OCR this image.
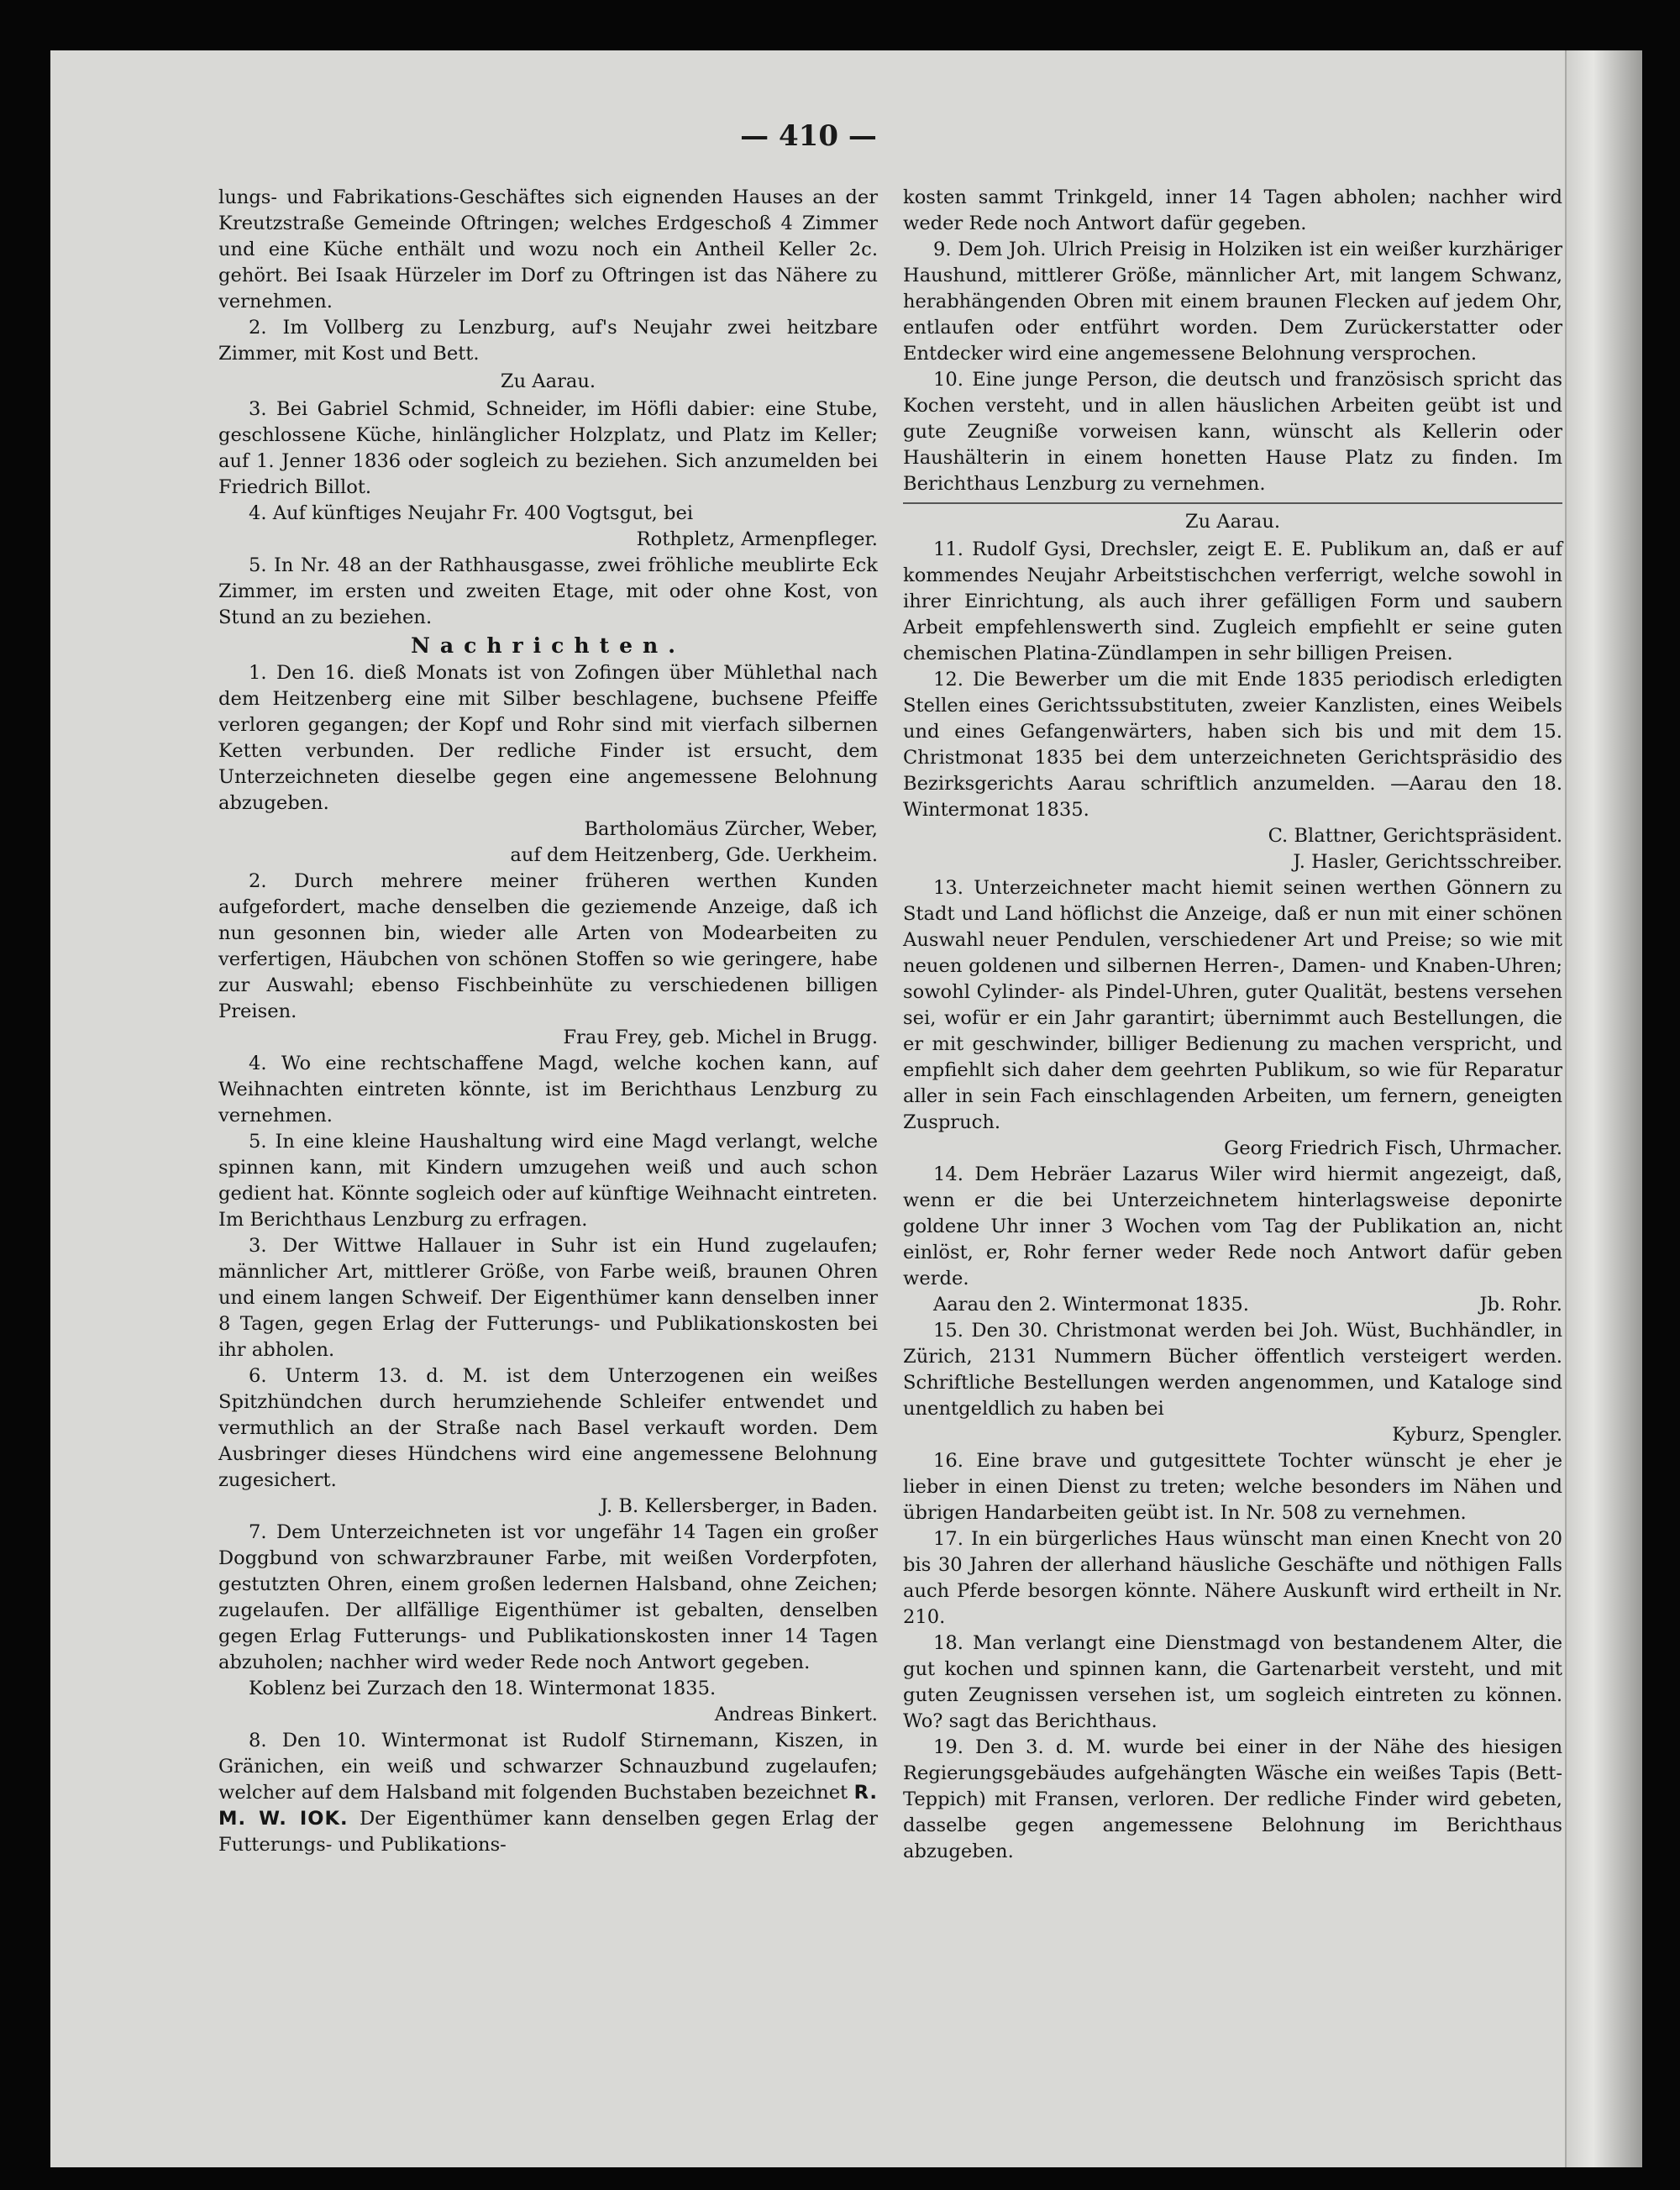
— 410 —

lungs- und Fabrikations-Geschäftes sich eignenden Hauses an der Kreutzstraße Gemeinde Oftringen; welches Erdgeschoß 4 Zimmer und eine Küche enthält und wozu noch ein Antheil Keller 2c. gehört. Bei Isaak Hürzeler im Dorf zu Oftringen ist das Nähere zu vernehmen.

2. Im Vollberg zu Lenzburg, auf's Neujahr zwei heitzbare Zimmer, mit Kost und Bett.

Zu Aarau.

3. Bei Gabriel Schmid, Schneider, im Höfli dabier: eine Stube, geschlossene Küche, hinlänglicher Holzplatz, und Platz im Keller; auf 1. Jenner 1836 oder sogleich zu beziehen. Sich anzumelden bei Friedrich Billot.

4. Auf künftiges Neujahr Fr. 400 Vogtsgut, bei

Rothpletz, Armenpfleger.

5. In Nr. 48 an der Rathhausgasse, zwei fröhliche meublirte Eck Zimmer, im ersten und zweiten Etage, mit oder ohne Kost, von Stund an zu beziehen.

Nachrichten.

1. Den 16. dieß Monats ist von Zofingen über Mühlethal nach dem Heitzenberg eine mit Silber beschlagene, buchsene Pfeiffe verloren gegangen; der Kopf und Rohr sind mit vierfach silbernen Ketten verbunden. Der redliche Finder ist ersucht, dem Unterzeichneten dieselbe gegen eine angemessene Belohnung abzugeben.

Bartholomäus Zürcher, Weber,
auf dem Heitzenberg, Gde. Uerkheim.

2. Durch mehrere meiner früheren werthen Kunden aufgefordert, mache denselben die geziemende Anzeige, daß ich nun gesonnen bin, wieder alle Arten von Modearbeiten zu verfertigen, Häubchen von schönen Stoffen so wie geringere, habe zur Auswahl; ebenso Fischbeinhüte zu verschiedenen billigen Preisen.

Frau Frey, geb. Michel in Brugg.

4. Wo eine rechtschaffene Magd, welche kochen kann, auf Weihnachten eintreten könnte, ist im Berichthaus Lenzburg zu vernehmen.

5. In eine kleine Haushaltung wird eine Magd verlangt, welche spinnen kann, mit Kindern umzugehen weiß und auch schon gedient hat. Könnte sogleich oder auf künftige Weihnacht eintreten. Im Berichthaus Lenzburg zu erfragen.

3. Der Wittwe Hallauer in Suhr ist ein Hund zugelaufen; männlicher Art, mittlerer Größe, von Farbe weiß, braunen Ohren und einem langen Schweif. Der Eigenthümer kann denselben inner 8 Tagen, gegen Erlag der Futterungs- und Publikationskosten bei ihr abholen.

6. Unterm 13. d. M. ist dem Unterzogenen ein weißes Spitzhündchen durch herumziehende Schleifer entwendet und vermuthlich an der Straße nach Basel verkauft worden. Dem Ausbringer dieses Hündchens wird eine angemessene Belohnung zugesichert.

J. B. Kellersberger, in Baden.

7. Dem Unterzeichneten ist vor ungefähr 14 Tagen ein großer Doggbund von schwarzbrauner Farbe, mit weißen Vorderpfoten, gestutzten Ohren, einem großen ledernen Halsband, ohne Zeichen; zugelaufen. Der allfällige Eigenthümer ist gebalten, denselben gegen Erlag Futterungs- und Publikationskosten inner 14 Tagen abzuholen; nachher wird weder Rede noch Antwort gegeben.

Koblenz bei Zurzach den 18. Wintermonat 1835.

Andreas Binkert.

8. Den 10. Wintermonat ist Rudolf Stirnemann, Kiszen, in Gränichen, ein weiß und schwarzer Schnauzbund zugelaufen; welcher auf dem Halsband mit folgenden Buchstaben bezeichnet R. M. W. IOK. Der Eigenthümer kann denselben gegen Erlag der Futterungs- und Publikations-

kosten sammt Trinkgeld, inner 14 Tagen abholen; nachher wird weder Rede noch Antwort dafür gegeben.

9. Dem Joh. Ulrich Preisig in Holziken ist ein weißer kurzhäriger Haushund, mittlerer Größe, männlicher Art, mit langem Schwanz, herabhängenden Obren mit einem braunen Flecken auf jedem Ohr, entlaufen oder entführt worden. Dem Zurückerstatter oder Entdecker wird eine angemessene Belohnung versprochen.

10. Eine junge Person, die deutsch und französisch spricht das Kochen versteht, und in allen häuslichen Arbeiten geübt ist und gute Zeugniße vorweisen kann, wünscht als Kellerin oder Haushälterin in einem honetten Hause Platz zu finden. Im Berichthaus Lenzburg zu vernehmen.

Zu Aarau.

11. Rudolf Gysi, Drechsler, zeigt E. E. Publikum an, daß er auf kommendes Neujahr Arbeitstischchen verferrigt, welche sowohl in ihrer Einrichtung, als auch ihrer gefälligen Form und saubern Arbeit empfehlenswerth sind. Zugleich empfiehlt er seine guten chemischen Platina-Zündlampen in sehr billigen Preisen.

12. Die Bewerber um die mit Ende 1835 periodisch erledigten Stellen eines Gerichtssubstituten, zweier Kanzlisten, eines Weibels und eines Gefangenwärters, haben sich bis und mit dem 15. Christmonat 1835 bei dem unterzeichneten Gerichtspräsidio des Bezirksgerichts Aarau schriftlich anzumelden. —Aarau den 18. Wintermonat 1835.

C. Blattner, Gerichtspräsident.
J. Hasler, Gerichtsschreiber.

13. Unterzeichneter macht hiemit seinen werthen Gönnern zu Stadt und Land höflichst die Anzeige, daß er nun mit einer schönen Auswahl neuer Pendulen, verschiedener Art und Preise; so wie mit neuen goldenen und silbernen Herren-, Damen- und Knaben-Uhren; sowohl Cylinder- als Pindel-Uhren, guter Qualität, bestens versehen sei, wofür er ein Jahr garantirt; übernimmt auch Bestellungen, die er mit geschwinder, billiger Bedienung zu machen verspricht, und empfiehlt sich daher dem geehrten Publikum, so wie für Reparatur aller in sein Fach einschlagenden Arbeiten, um fernern, geneigten Zuspruch.

Georg Friedrich Fisch, Uhrmacher.

14. Dem Hebräer Lazarus Wiler wird hiermit angezeigt, daß, wenn er die bei Unterzeichnetem hinterlagsweise deponirte goldene Uhr inner 3 Wochen vom Tag der Publikation an, nicht einlöst, er, Rohr ferner weder Rede noch Antwort dafür geben werde.

Aarau den 2. Wintermonat 1835.	Jb. Rohr.

15. Den 30. Christmonat werden bei Joh. Wüst, Buchhändler, in Zürich, 2131 Nummern Bücher öffentlich versteigert werden. Schriftliche Bestellungen werden angenommen, und Kataloge sind unentgeldlich zu haben bei

Kyburz, Spengler.

16. Eine brave und gutgesittete Tochter wünscht je eher je lieber in einen Dienst zu treten; welche besonders im Nähen und übrigen Handarbeiten geübt ist. In Nr. 508 zu vernehmen.

17. In ein bürgerliches Haus wünscht man einen Knecht von 20 bis 30 Jahren der allerhand häusliche Geschäfte und nöthigen Falls auch Pferde besorgen könnte. Nähere Auskunft wird ertheilt in Nr. 210.

18. Man verlangt eine Dienstmagd von bestandenem Alter, die gut kochen und spinnen kann, die Gartenarbeit versteht, und mit guten Zeugnissen versehen ist, um sogleich eintreten zu können. Wo? sagt das Berichthaus.

19. Den 3. d. M. wurde bei einer in der Nähe des hiesigen Regierungsgebäudes aufgehängten Wäsche ein weißes Tapis (Bett-Teppich) mit Fransen, verloren. Der redliche Finder wird gebeten, dasselbe gegen angemessene Belohnung im Berichthaus abzugeben.
